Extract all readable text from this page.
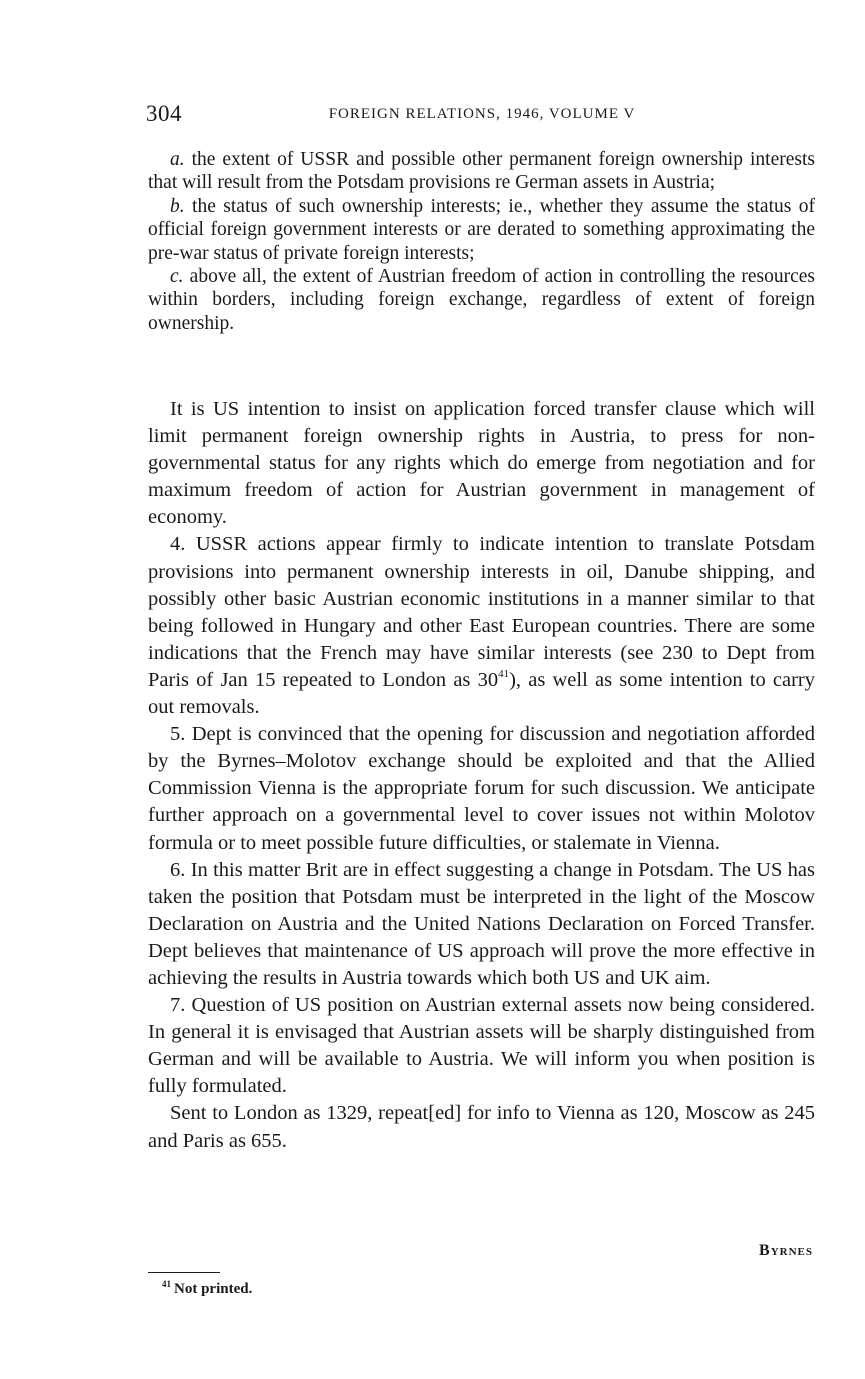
304	FOREIGN RELATIONS, 1946, VOLUME V

a. the extent of USSR and possible other permanent foreign ownership interests that will result from the Potsdam provisions re German assets in Austria;

b. the status of such ownership interests; ie., whether they assume the status of official foreign government interests or are derated to something approximating the pre-war status of private foreign interests;

c. above all, the extent of Austrian freedom of action in controlling the resources within borders, including foreign exchange, regardless of extent of foreign ownership.

It is US intention to insist on application forced transfer clause which will limit permanent foreign ownership rights in Austria, to press for non-governmental status for any rights which do emerge from negotiation and for maximum freedom of action for Austrian government in management of economy.

4. USSR actions appear firmly to indicate intention to translate Potsdam provisions into permanent ownership interests in oil, Danube shipping, and possibly other basic Austrian economic institutions in a manner similar to that being followed in Hungary and other East European countries. There are some indications that the French may have similar interests (see 230 to Dept from Paris of Jan 15 repeated to London as $30^{41}$), as well as some intention to carry out removals.

5. Dept is convinced that the opening for discussion and negotiation afforded by the Byrnes–Molotov exchange should be exploited and that the Allied Commission Vienna is the appropriate forum for such discussion. We anticipate further approach on a governmental level to cover issues not within Molotov formula or to meet possible future difficulties, or stalemate in Vienna.

6. In this matter Brit are in effect suggesting a change in Potsdam. The US has taken the position that Potsdam must be interpreted in the light of the Moscow Declaration on Austria and the United Nations Declaration on Forced Transfer. Dept believes that maintenance of US approach will prove the more effective in achieving the results in Austria towards which both US and UK aim.

7. Question of US position on Austrian external assets now being considered. In general it is envisaged that Austrian assets will be sharply distinguished from German and will be available to Austria. We will inform you when position is fully formulated.

Sent to London as 1329, repeat[ed] for info to Vienna as 120, Moscow as 245 and Paris as 655.

Byrnes
$^{41}$ Not printed.
